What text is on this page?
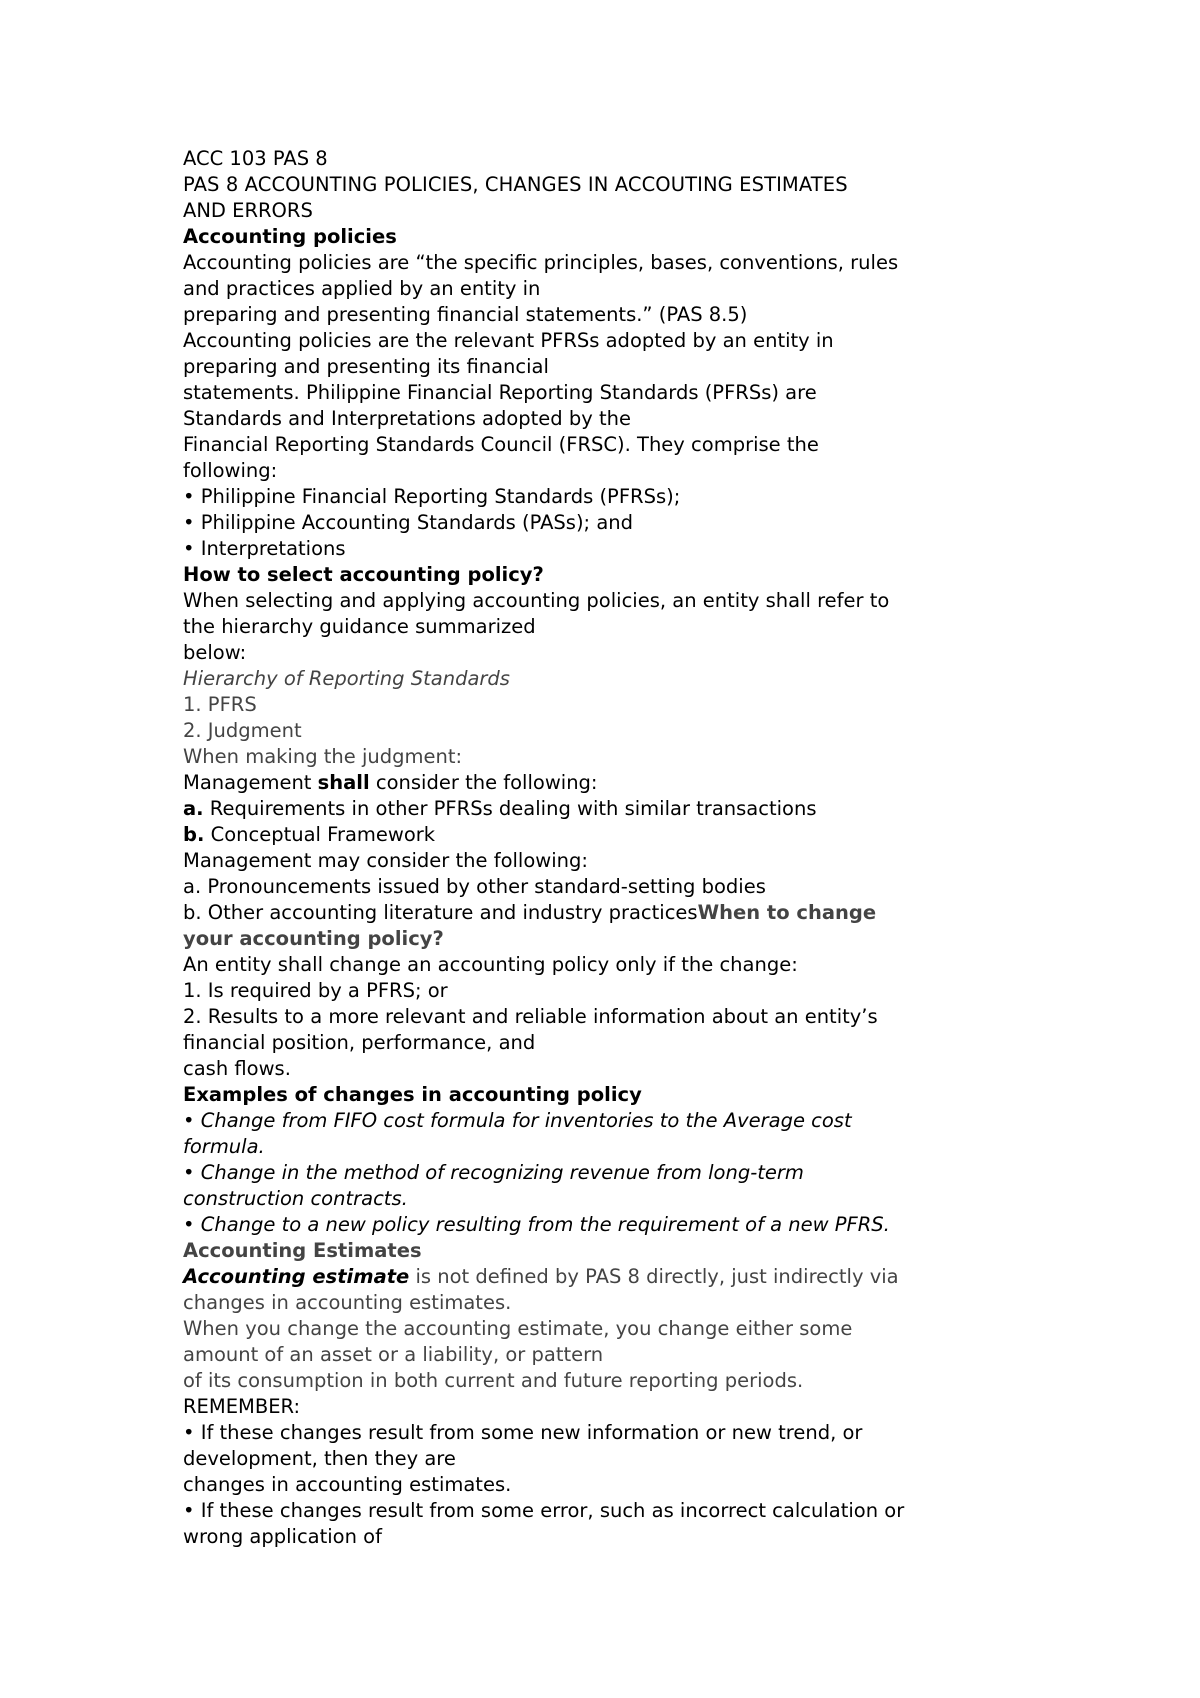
ACC 103 PAS 8

PAS 8 ACCOUNTING POLICIES, CHANGES IN ACCOUTING ESTIMATES

AND ERRORS

Accounting policies

Accounting policies are “the specific principles, bases, conventions, rules

and practices applied by an entity in

preparing and presenting financial statements.” (PAS 8.5)

Accounting policies are the relevant PFRSs adopted by an entity in

preparing and presenting its financial

statements. Philippine Financial Reporting Standards (PFRSs) are

Standards and Interpretations adopted by the

Financial Reporting Standards Council (FRSC). They comprise the

following:

• Philippine Financial Reporting Standards (PFRSs);

• Philippine Accounting Standards (PASs); and

• Interpretations

How to select accounting policy?

When selecting and applying accounting policies, an entity shall refer to

the hierarchy guidance summarized

below:

Hierarchy of Reporting Standards

1. PFRS

2. Judgment

When making the judgment:

Management shall consider the following:

a. Requirements in other PFRSs dealing with similar transactions

b. Conceptual Framework

Management may consider the following:

a. Pronouncements issued by other standard-setting bodies

b. Other accounting literature and industry practicesWhen to change

your accounting policy?

An entity shall change an accounting policy only if the change:

1. Is required by a PFRS; or

2. Results to a more relevant and reliable information about an entity’s

financial position, performance, and

cash flows.

Examples of changes in accounting policy

• Change from FIFO cost formula for inventories to the Average cost

formula.

• Change in the method of recognizing revenue from long-term

construction contracts.

• Change to a new policy resulting from the requirement of a new PFRS.

Accounting Estimates

Accounting estimate is not defined by PAS 8 directly, just indirectly via

changes in accounting estimates.

When you change the accounting estimate, you change either some

amount of an asset or a liability, or pattern

of its consumption in both current and future reporting periods.

REMEMBER:

• If these changes result from some new information or new trend, or

development, then they are

changes in accounting estimates.

• If these changes result from some error, such as incorrect calculation or

wrong application of
